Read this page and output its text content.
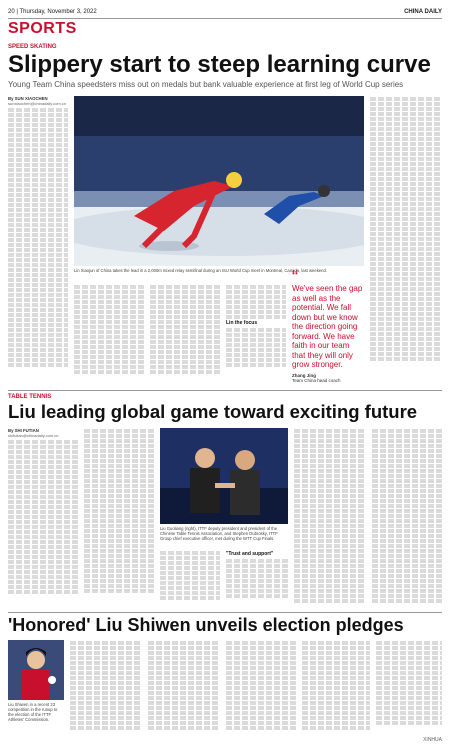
20 | Thursday, November 3, 2022	CHINA DAILY
SPORTS
SPEED SKATING
Slippery start to steep learning curve
Young Team China speedsters miss out on medals but bank valuable experience at first leg of World Cup series
By SUN XIAOCHEN
sunxiaochen@chinadaily.com.cn
Lin Xiaojun of China takes the lead in a 2,000m mixed relay semifinal during an ISU World Cup meet in Montreal, Canada, last weekend.
Lin the focus
“
We've seen the gap as well as the potential. We fall down but we know the direction going forward. We have faith in our team that they will only grow stronger.
Zhang Jing
Team China head coach
TABLE TENNIS
Liu leading global game toward exciting future
By SHI FUTIAN
shifutian@chinadaily.com.cn
Liu Guoliang (right), ITTF deputy president and president of the Chinese Table Tennis Association, and Stephen Dubrosky, ITTF Group chief executive officer, met during the WTT Cup Finals.
"Trust and support"
'Honored' Liu Shiwen unveils election pledges
Liu Shiwen in a recent 23 competition in the runup to the election of the ITTF Athletes' Commission.
XINHUA
